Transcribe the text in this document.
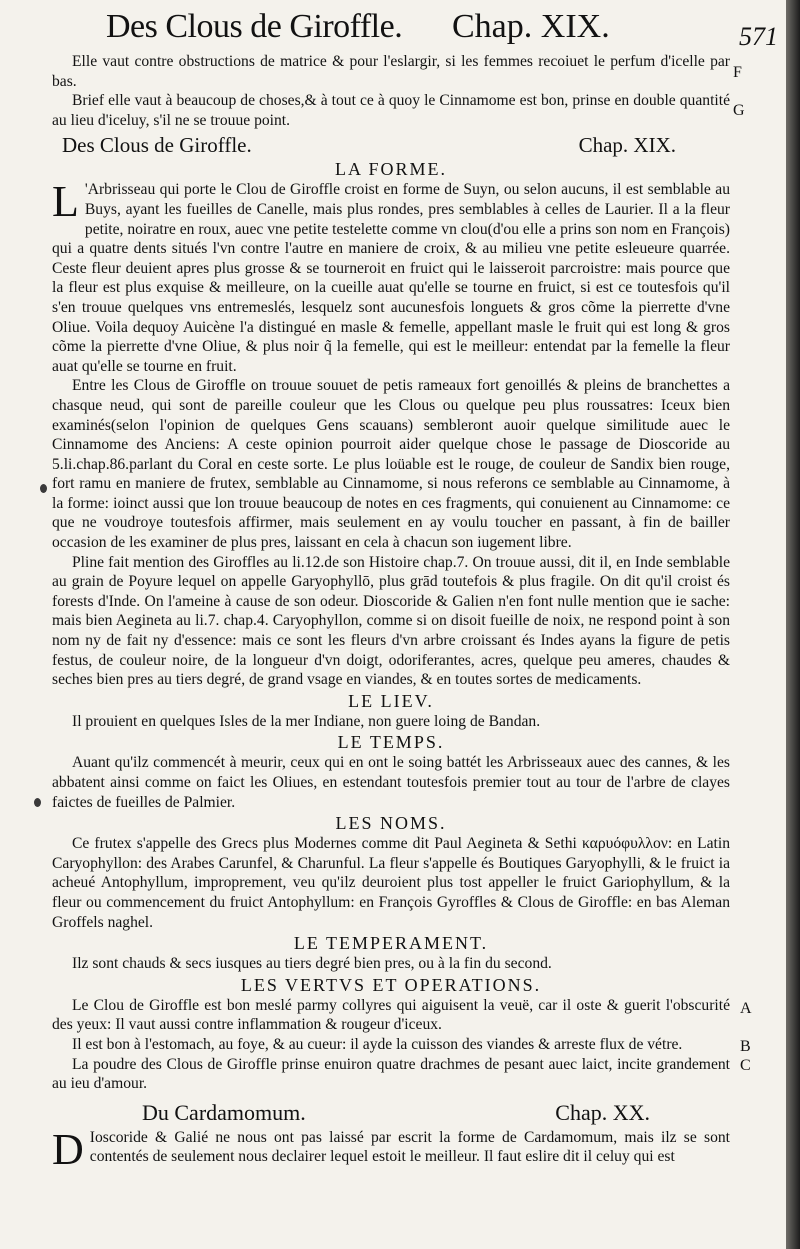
Des Clous de Giroffle. Chap. XIX.	571

Elle vaut contre obstructions de matrice & pour l'eslargir, si les femmes recoiuet le perfum d'icelle par bas.

Brief elle vaut à beaucoup de choses,& à tout ce à quoy le Cinnamome est bon, prinse en double quantité au lieu d'iceluy, s'il ne se trouue point.

Des Clous de Giroffle.	Chap. XIX.
LA FORME.

L 'Arbrisseau qui porte le Clou de Giroffle croist en forme de Suyn, ou selon aucuns, il est semblable au Buys, ayant les fueilles de Canelle, mais plus rondes, pres semblables à celles de Laurier. Il a la fleur petite, noiratre en roux, auec vne petite testelette comme vn clou(d'ou elle a prins son nom en François) qui a quatre dents situés l'vn contre l'autre en maniere de croix, & au milieu vne petite esleueure quarrée. Ceste fleur deuient apres plus grosse & se tourneroit en fruict qui le laisseroit parcroistre: mais pource que la fleur est plus exquise & meilleure, on la cueille auat qu'elle se tourne en fruict, si est ce toutesfois qu'il s'en trouue quelques vns entremeslés, lesquelz sont aucunesfois longuets & gros cõme la pierrette d'vne Oliue. Voila dequoy Auicène l'a distingué en masle & femelle, appellant masle le fruit qui est long & gros cõme la pierrette d'vne Oliue, & plus noir q̃ la femelle, qui est le meilleur: entendat par la femelle la fleur auat qu'elle se tourne en fruit.

Entre les Clous de Giroffle on trouue souuet de petis rameaux fort genoillés & pleins de branchettes a chasque neud, qui sont de pareille couleur que les Clous ou quelque peu plus roussatres: Iceux bien examinés(selon l'opinion de quelques Gens scauans) sembleront auoir quelque similitude auec le Cinnamome des Anciens: A ceste opinion pourroit aider quelque chose le passage de Dioscoride au 5.li.chap.86.parlant du Coral en ceste sorte. Le plus loüable est le rouge, de couleur de Sandix bien rouge, fort ramu en maniere de frutex, semblable au Cinnamome, si nous referons ce semblable au Cinnamome, à la forme: ioinct aussi que lon trouue beaucoup de notes en ces fragments, qui conuienent au Cinnamome: ce que ne voudroye toutesfois affirmer, mais seulement en ay voulu toucher en passant, à fin de bailler occasion de les examiner de plus pres, laissant en cela à chacun son iugement libre.

Pline fait mention des Giroffles au li.12.de son Histoire chap.7. On trouue aussi, dit il, en Inde semblable au grain de Poyure lequel on appelle Garyophyllō, plus grād toutefois & plus fragile. On dit qu'il croist és forests d'Inde. On l'ameine à cause de son odeur. Dioscoride & Galien n'en font nulle mention que ie sache: mais bien Aegineta au li.7. chap.4. Caryophyllon, comme si on disoit fueille de noix, ne respond point à son nom ny de fait ny d'essence: mais ce sont les fleurs d'vn arbre croissant és Indes ayans la figure de petis festus, de couleur noire, de la longueur d'vn doigt, odoriferantes, acres, quelque peu ameres, chaudes & seches bien pres au tiers degré, de grand vsage en viandes, & en toutes sortes de medicaments.

LE LIEV.

Il prouient en quelques Isles de la mer Indiane, non guere loing de Bandan.

LE TEMPS.

Auant qu'ilz commencét à meurir, ceux qui en ont le soing battét les Arbrisseaux auec des cannes, & les abbatent ainsi comme on faict les Oliues, en estendant toutesfois premier tout au tour de l'arbre de clayes faictes de fueilles de Palmier.

LES NOMS.

Ce frutex s'appelle des Grecs plus Modernes comme dit Paul Aegineta & Sethi καρυόφυλλον: en Latin Caryophyllon: des Arabes Carunfel, & Charunful. La fleur s'appelle és Boutiques Garyophylli, & le fruict ia acheué Antophyllum, improprement, veu qu'ilz deuroient plus tost appeller le fruict Gariophyllum, & la fleur ou commencement du fruict Antophyllum: en François Gyroffles & Clous de Giroffle: en bas Aleman Groffels naghel.

LE TEMPERAMENT.

Ilz sont chauds & secs iusques au tiers degré bien pres, ou à la fin du second.

LES VERTVS ET OPERATIONS.

Le Clou de Giroffle est bon meslé parmy collyres qui aiguisent la veuë, car il oste & guerit l'obscurité des yeux: Il vaut aussi contre inflammation & rougeur d'iceux.

Il est bon à l'estomach, au foye, & au cueur: il ayde la cuisson des viandes & arreste flux de vétre.

La poudre des Clous de Giroffle prinse enuiron quatre drachmes de pesant auec laict, incite grandement au ieu d'amour.

Du Cardamomum.	Chap. XX.

D Ioscoride & Galié ne nous ont pas laissé par escrit la forme de Cardamomum, mais ilz se sont contentés de seulement nous declairer lequel estoit le meilleur. Il faut eslire dit il celuy qui est

F
G
A
B
C
